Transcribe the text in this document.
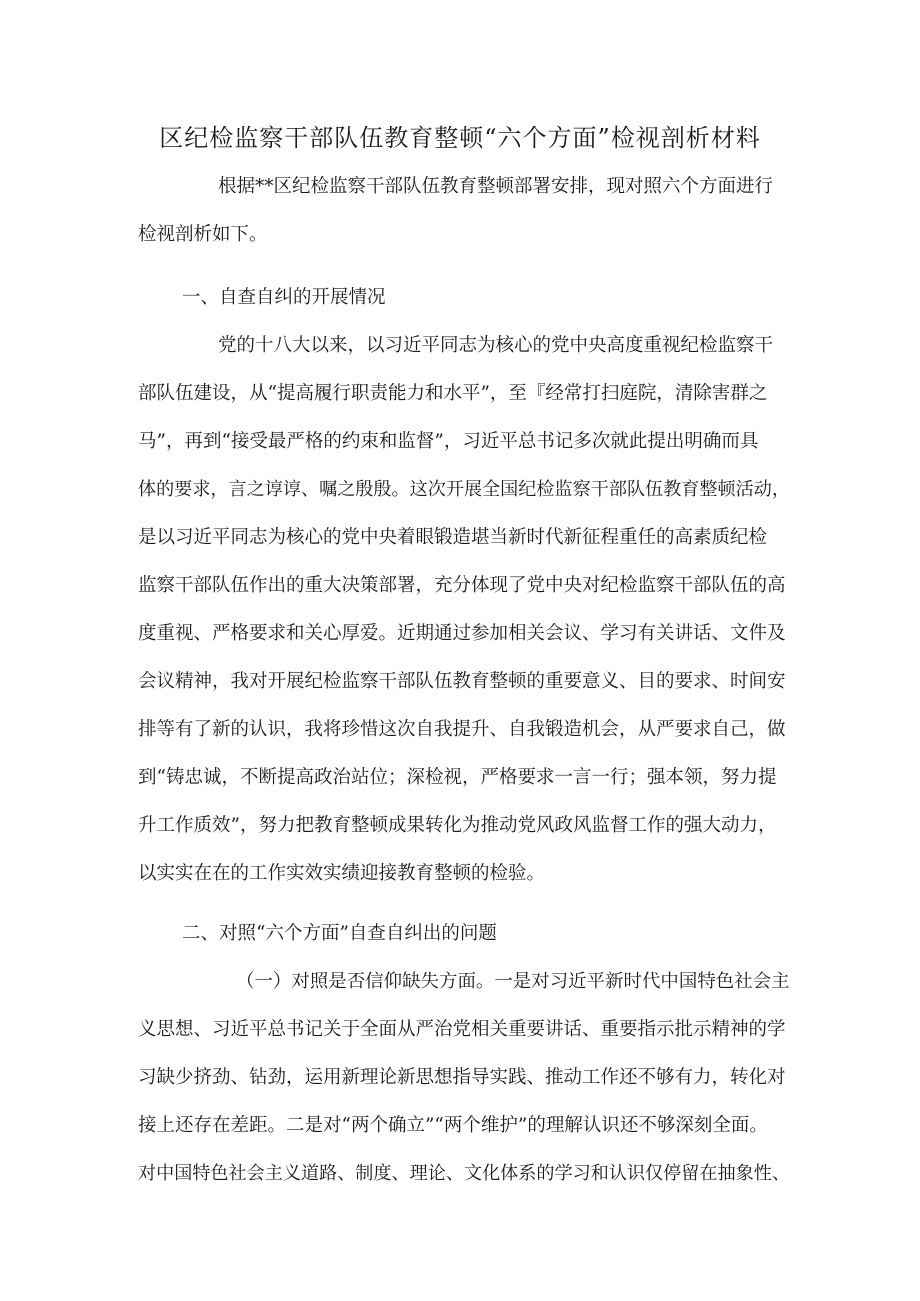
区纪检监察干部队伍教育整顿“六个方面”检视剖析材料
根据**区纪检监察干部队伍教育整顿部署安排，现对照六个方面进行
检视剖析如下。
一、自查自纠的开展情况
党的十八大以来，以习近平同志为核心的党中央高度重视纪检监察干
部队伍建设，从“提高履行职责能力和水平”，至『经常打扫庭院，清除害群之
马”，再到“接受最严格的约束和监督”，习近平总书记多次就此提出明确而具
体的要求，言之谆谆、嘱之殷殷。这次开展全国纪检监察干部队伍教育整顿活动，
是以习近平同志为核心的党中央着眼锻造堪当新时代新征程重任的高素质纪检
监察干部队伍作出的重大决策部署，充分体现了党中央对纪检监察干部队伍的高
度重视、严格要求和关心厚爱。近期通过参加相关会议、学习有关讲话、文件及
会议精神，我对开展纪检监察干部队伍教育整顿的重要意义、目的要求、时间安
排等有了新的认识，我将珍惜这次自我提升、自我锻造机会，从严要求自己，做
到“铸忠诚，不断提高政治站位；深检视，严格要求一言一行；强本领，努力提
升工作质效”，努力把教育整顿成果转化为推动党风政风监督工作的强大动力，
以实实在在的工作实效实绩迎接教育整顿的检验。
二、对照“六个方面”自查自纠出的问题
（一）对照是否信仰缺失方面。一是对习近平新时代中国特色社会主
义思想、习近平总书记关于全面从严治党相关重要讲话、重要指示批示精神的学
习缺少挤劲、钻劲，运用新理论新思想指导实践、推动工作还不够有力，转化对
接上还存在差距。二是对“两个确立”“两个维护”的理解认识还不够深刻全面。
对中国特色社会主义道路、制度、理论、文化体系的学习和认识仅停留在抽象性、
